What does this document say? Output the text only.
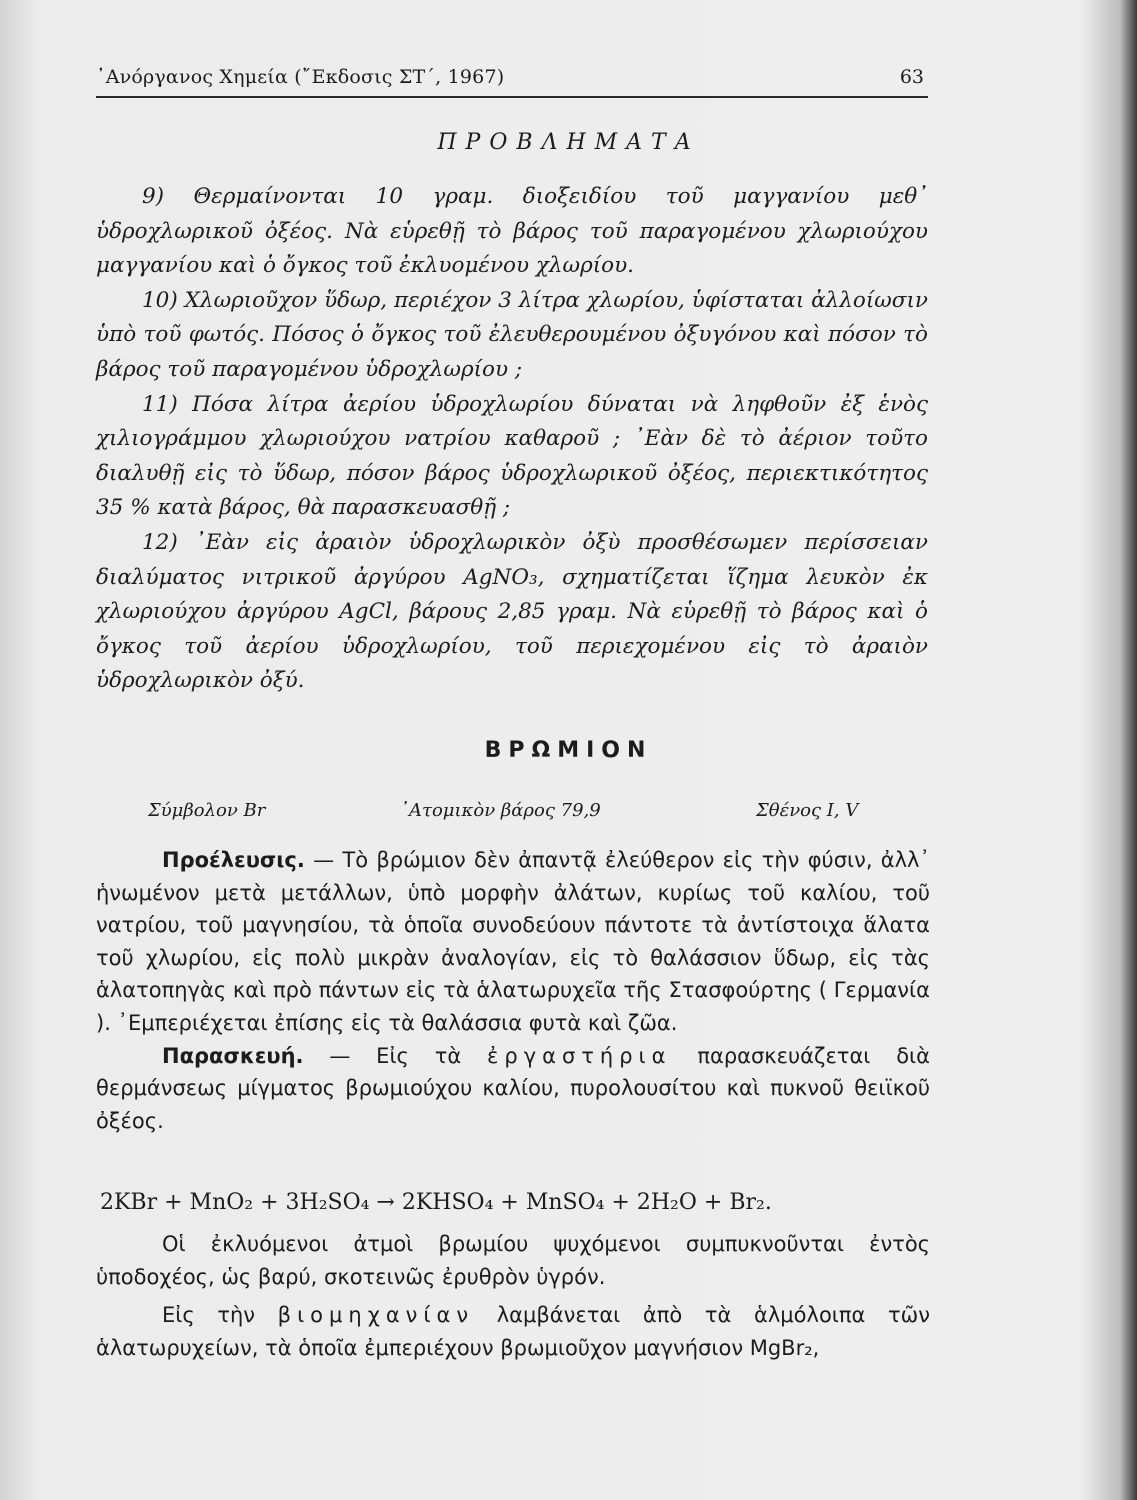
᾿Ανόργανος Χημεία (῎Εκδοσις ΣΤ΄, 1967)	63
ΠΡΟΒΛΗΜΑΤΑ

9) Θερμαίνονται 10 γραμ. διοξειδίου τοῦ μαγγανίου μεθ᾿ ὑδροχλωρικοῦ ὀξέος. Νὰ εὑρεθῇ τὸ βάρος τοῦ παραγομένου χλωριούχου μαγγανίου καὶ ὁ ὄγκος τοῦ ἐκλυομένου χλωρίου.

10) Χλωριοῦχον ὕδωρ, περιέχον 3 λίτρα χλωρίου, ὑφίσταται ἀλλοίωσιν ὑπὸ τοῦ φωτός. Πόσος ὁ ὄγκος τοῦ ἐλευθερουμένου ὀξυγόνου καὶ πόσον τὸ βάρος τοῦ παραγομένου ὑδροχλωρίου ;

11) Πόσα λίτρα ἀερίου ὑδροχλωρίου δύναται νὰ ληφθοῦν ἐξ ἑνὸς χιλιογράμμου χλωριούχου νατρίου καθαροῦ ; ᾿Εὰν δὲ τὸ ἀέριον τοῦτο διαλυθῇ εἰς τὸ ὕδωρ, πόσον βάρος ὑδροχλωρικοῦ ὀξέος, περιεκτικότητος 35 % κατὰ βάρος, θὰ παρασκευασθῇ ;

12) ᾿Εὰν εἰς ἀραιὸν ὑδροχλωρικὸν ὀξὺ προσθέσωμεν περίσσειαν διαλύματος νιτρικοῦ ἀργύρου AgNO₃, σχηματίζεται ἵζημα λευκὸν ἐκ χλωριούχου ἀργύρου AgCl, βάρους 2,85 γραμ. Νὰ εὑρεθῇ τὸ βάρος καὶ ὁ ὄγκος τοῦ ἀερίου ὑδροχλωρίου, τοῦ περιεχομένου εἰς τὸ ἀραιὸν ὑδροχλωρικὸν ὀξύ.

ΒΡΩΜΙΟΝ
Σύμβολον Br	᾿Ατομικὸν βάρος 79,9	Σθένος I, V

Προέλευσις. — Τὸ βρώμιον δὲν ἀπαντᾷ ἐλεύθερον εἰς τὴν φύσιν, ἀλλ᾿ ἡνωμένον μετὰ μετάλλων, ὑπὸ μορφὴν ἀλάτων, κυρίως τοῦ καλίου, τοῦ νατρίου, τοῦ μαγνησίου, τὰ ὁποῖα συνοδεύουν πάντοτε τὰ ἀντίστοιχα ἅλατα τοῦ χλωρίου, εἰς πολὺ μικρὰν ἀναλογίαν, εἰς τὸ θαλάσσιον ὕδωρ, εἰς τὰς ἁλατοπηγὰς καὶ πρὸ πάντων εἰς τὰ ἁλατωρυχεῖα τῆς Στασφούρτης ( Γερμανία ). ᾿Εμπεριέχεται ἐπίσης εἰς τὰ θαλάσσια φυτὰ καὶ ζῶα.

Παρασκευή. — Εἰς τὰ ἐργαστήρια παρασκευάζεται διὰ θερμάνσεως μίγματος βρωμιούχου καλίου, πυρολουσίτου καὶ πυκνοῦ θειϊκοῦ ὀξέος.

2KBr + MnO₂ + 3H₂SO₄ → 2KHSO₄ + MnSO₄ + 2H₂O + Br₂.

Οἱ ἐκλυόμενοι ἀτμοὶ βρωμίου ψυχόμενοι συμπυκνοῦνται ἐντὸς ὑποδοχέος, ὡς βαρύ, σκοτεινῶς ἐρυθρὸν ὑγρόν.

Εἰς τὴν βιομηχανίαν λαμβάνεται ἀπὸ τὰ ἁλμόλοιπα τῶν ἁλατωρυχείων, τὰ ὁποῖα ἐμπεριέχουν βρωμιοῦχον μαγνήσιον MgBr₂,
